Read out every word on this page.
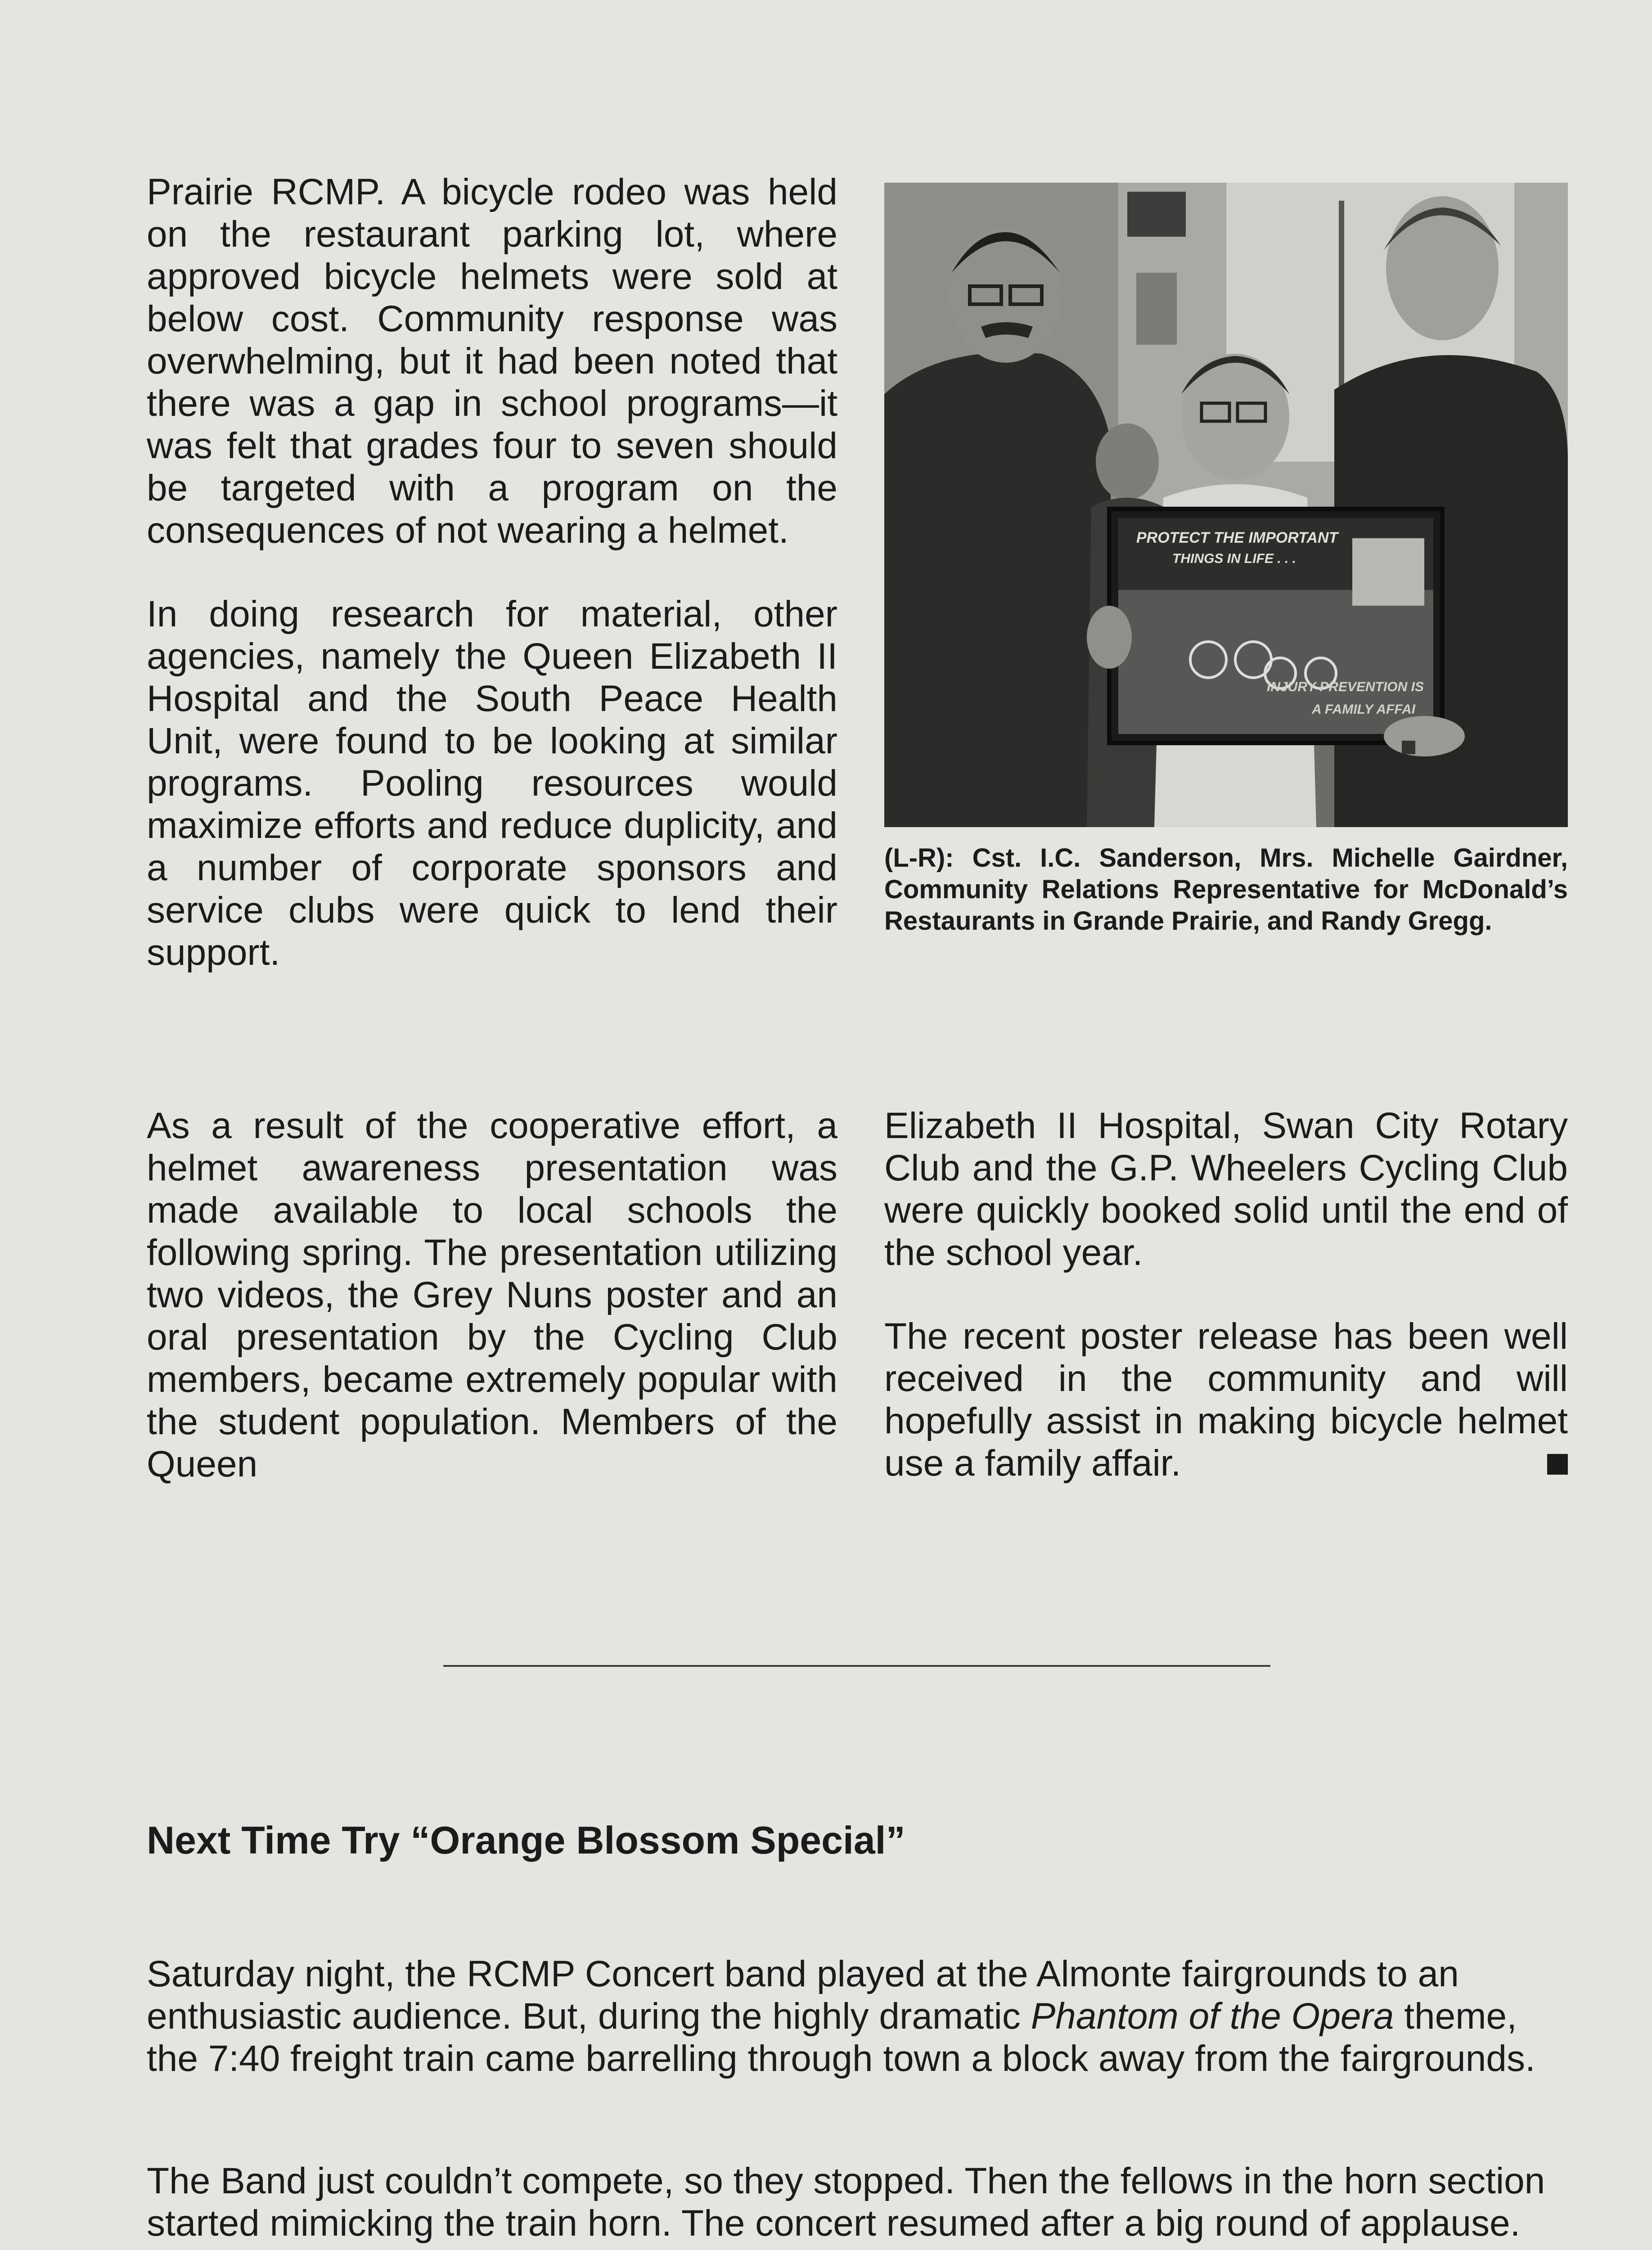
Prairie RCMP. A bicycle rodeo was held on the restaurant parking lot, where approved bicycle helmets were sold at below cost. Community response was overwhelming, but it had been noted that there was a gap in school programs—it was felt that grades four to seven should be targeted with a program on the consequences of not wearing a helmet.

In doing research for material, other agencies, namely the Queen Elizabeth II Hospital and the South Peace Health Unit, were found to be looking at similar programs. Pooling resources would maximize efforts and reduce duplicity, and a number of corporate sponsors and service clubs were quick to lend their support.

PROTECT THE IMPORTANT
THINGS IN LIFE . . .
INJURY PREVENTION IS
A FAMILY AFFAI
(L-R): Cst. I.C. Sanderson, Mrs. Michelle Gairdner, Community Relations Representative for McDonald’s Restaurants in Grande Prairie, and Randy Gregg.

As a result of the cooperative effort, a helmet awareness presentation was made available to local schools the following spring. The presentation utilizing two videos, the Grey Nuns poster and an oral presentation by the Cycling Club members, became extremely popular with the student population. Members of the Queen

Elizabeth II Hospital, Swan City Rotary Club and the G.P. Wheelers Cycling Club were quickly booked solid until the end of the school year.

The recent poster release has been well received in the community and will hopefully assist in making bicycle helmet use a family affair.

Next Time Try “Orange Blossom Special”

Saturday night, the RCMP Concert band played at the Almonte fairgrounds to an enthusiastic audience. But, during the highly dramatic Phantom of the Opera theme, the 7:40 freight train came barrelling through town a block away from the fairgrounds.

The Band just couldn’t compete, so they stopped. Then the fellows in the horn section started mimicking the train horn. The concert resumed after a big round of applause.
